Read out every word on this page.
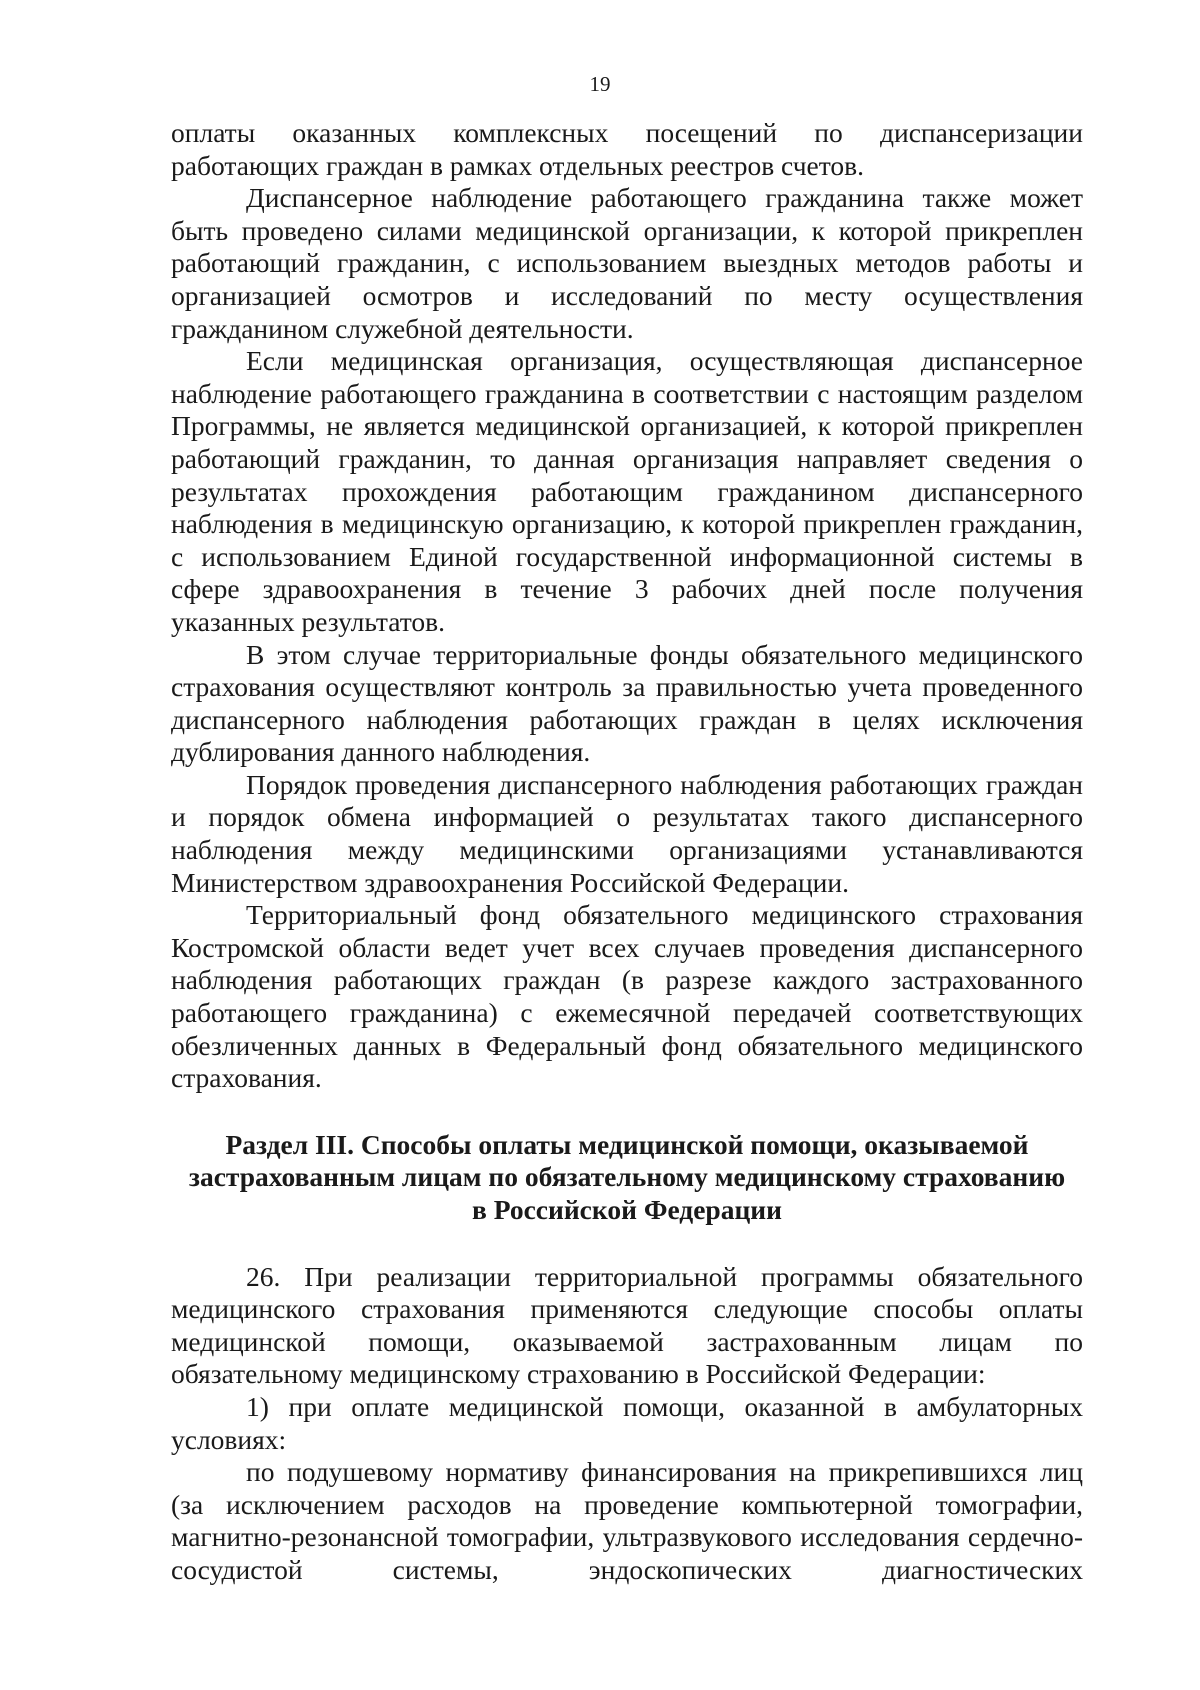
19

оплаты оказанных комплексных посещений по диспансеризации работающих граждан в рамках отдельных реестров счетов.

Диспансерное наблюдение работающего гражданина также может быть проведено силами медицинской организации, к которой прикреплен работающий гражданин, с использованием выездных методов работы и организацией осмотров и исследований по месту осуществления гражданином служебной деятельности.

Если медицинская организация, осуществляющая диспансерное наблюдение работающего гражданина в соответствии с настоящим разделом Программы, не является медицинской организацией, к которой прикреплен работающий гражданин, то данная организация направляет сведения о результатах прохождения работающим гражданином диспансерного наблюдения в медицинскую организацию, к которой прикреплен гражданин, с использованием Единой государственной информационной системы в сфере здравоохранения в течение 3 рабочих дней после получения указанных результатов.

В этом случае территориальные фонды обязательного медицинского страхования осуществляют контроль за правильностью учета проведенного диспансерного наблюдения работающих граждан в целях исключения дублирования данного наблюдения.

Порядок проведения диспансерного наблюдения работающих граждан и порядок обмена информацией о результатах такого диспансерного наблюдения между медицинскими организациями устанавливаются Министерством здравоохранения Российской Федерации.

Территориальный фонд обязательного медицинского страхования Костромской области ведет учет всех случаев проведения диспансерного наблюдения работающих граждан (в разрезе каждого застрахованного работающего гражданина) с ежемесячной передачей соответствующих обезличенных данных в Федеральный фонд обязательного медицинского страхования.

Раздел III. Способы оплаты медицинской помощи, оказываемой
застрахованным лицам по обязательному медицинскому страхованию
в Российской Федерации

26. При реализации территориальной программы обязательного медицинского страхования применяются следующие способы оплаты медицинской помощи, оказываемой застрахованным лицам по обязательному медицинскому страхованию в Российской Федерации:

1) при оплате медицинской помощи, оказанной в амбулаторных условиях:

по подушевому нормативу финансирования на прикрепившихся лиц (за исключением расходов на проведение компьютерной томографии, магнитно-резонансной томографии, ультразвукового исследования сердечно-сосудистой системы, эндоскопических диагностических
